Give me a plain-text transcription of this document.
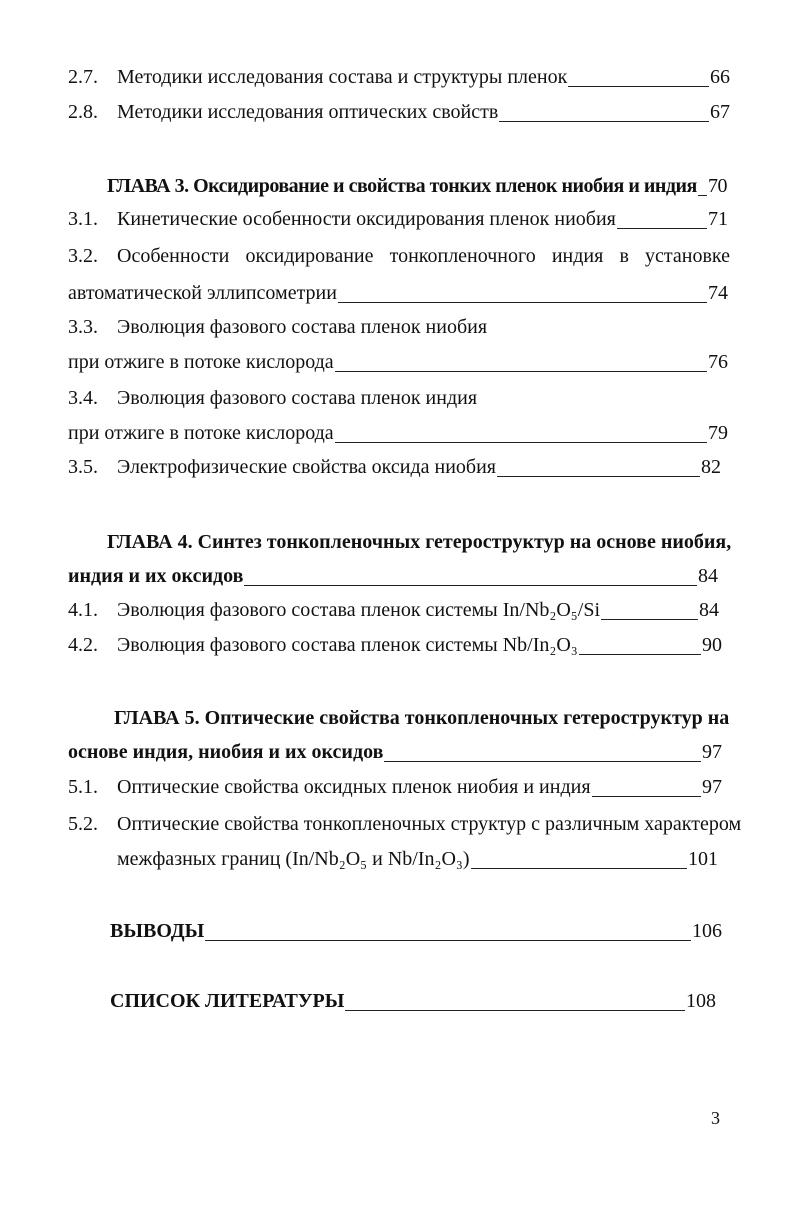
2.7. Методики исследования состава и структуры пленок	66
2.8. Методики исследования оптических свойств	67
ГЛАВА 3. Оксидирование и свойства тонких пленок ниобия и индия 70
3.1. Кинетические особенности оксидирования пленок ниобия	71
3.2. Особенности оксидирование тонкопленочного индия в установке
автоматической эллипсометрии	74
3.3. Эволюция фазового состава пленок ниобия
при отжиге в потоке кислорода	76
3.4. Эволюция фазового состава пленок индия
при отжиге в потоке кислорода	79
3.5. Электрофизические свойства оксида ниобия	82
ГЛАВА 4. Синтез тонкопленочных гетероструктур на основе ниобия,
индия и их оксидов	84
4.1. Эволюция фазового состава пленок системы In/Nb₂O₅/Si	84
4.2. Эволюция фазового состава пленок системы Nb/In₂O₃	90
ГЛАВА 5. Оптические свойства тонкопленочных гетероструктур на
основе индия, ниобия и их оксидов	97
5.1. Оптические свойства оксидных пленок ниобия и индия	97
5.2. Оптические свойства тонкопленочных структур с различным характером
межфазных границ (In/Nb₂O₅ и Nb/In₂O₃)	101
ВЫВОДЫ	106
СПИСОК ЛИТЕРАТУРЫ	108
3
